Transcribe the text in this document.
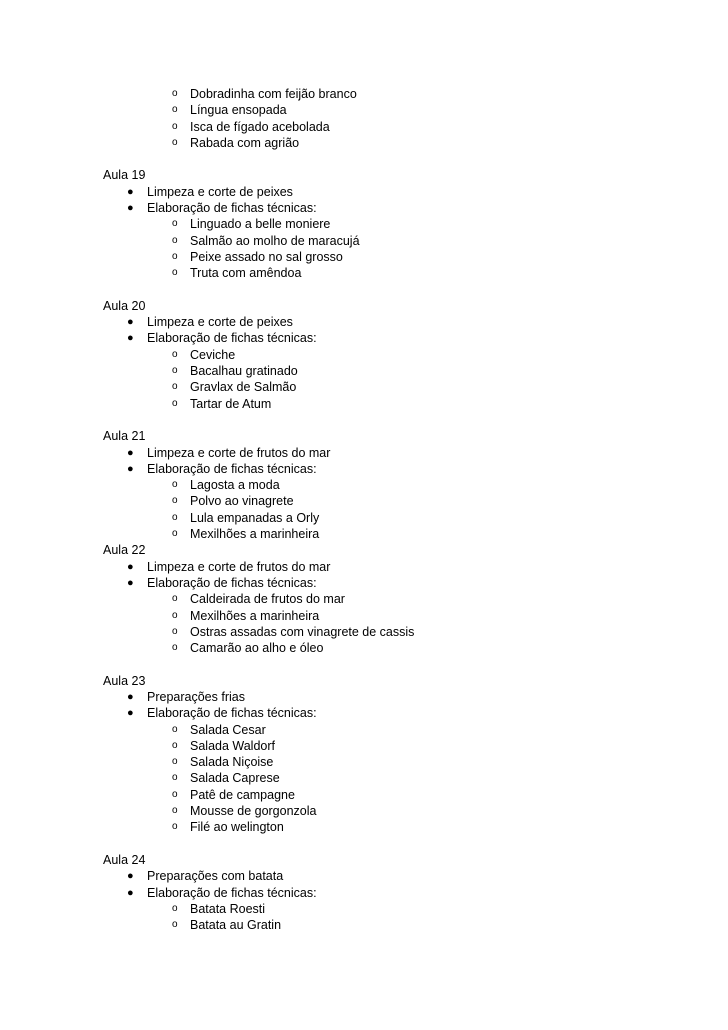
o Dobradinha com feijão branco
o Língua ensopada
o Isca de fígado acebolada
o Rabada com agrião
Aula 19
● Limpeza e corte de peixes
● Elaboração de fichas técnicas:
o Linguado a belle moniere
o Salmão ao molho de maracujá
o Peixe assado no sal grosso
o Truta com amêndoa
Aula 20
● Limpeza e corte de peixes
● Elaboração de fichas técnicas:
o Ceviche
o Bacalhau gratinado
o Gravlax de Salmão
o Tartar de Atum
Aula 21
● Limpeza e corte de frutos do mar
● Elaboração de fichas técnicas:
o Lagosta a moda
o Polvo ao vinagrete
o Lula empanadas a Orly
o Mexilhões a marinheira
Aula 22
● Limpeza e corte de frutos do mar
● Elaboração de fichas técnicas:
o Caldeirada de frutos do mar
o Mexilhões a marinheira
o Ostras assadas com vinagrete de cassis
o Camarão ao alho e óleo
Aula 23
● Preparações frias
● Elaboração de fichas técnicas:
o Salada Cesar
o Salada Waldorf
o Salada Niçoise
o Salada Caprese
o Patê de campagne
o Mousse de gorgonzola
o Filé ao welington
Aula 24
● Preparações com batata
● Elaboração de fichas técnicas:
o Batata Roesti
o Batata au Gratin
